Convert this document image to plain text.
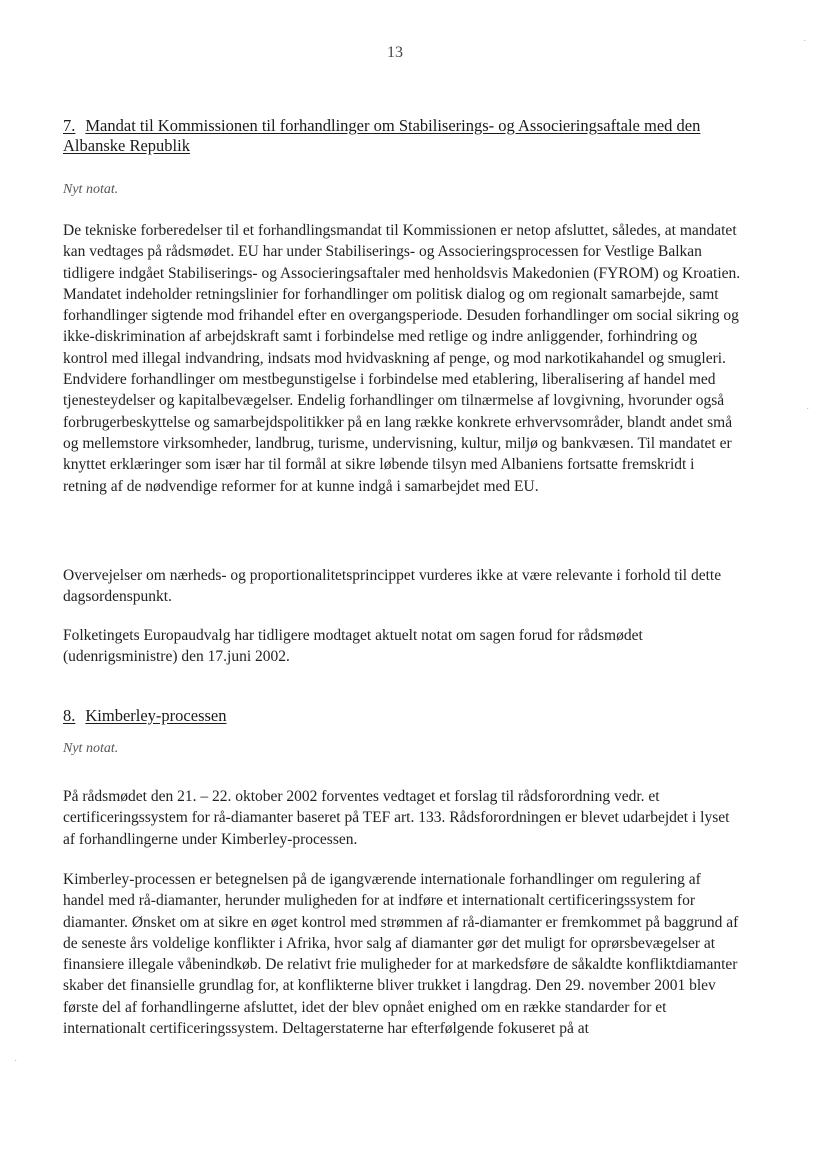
13
7. Mandat til Kommissionen til forhandlinger om Stabiliserings- og Associeringsaftale med den Albanske Republik
Nyt notat.
De tekniske forberedelser til et forhandlingsmandat til Kommissionen er netop afsluttet, således, at mandatet kan vedtages på rådsmødet. EU har under Stabiliserings- og Associeringsprocessen for Vestlige Balkan tidligere indgået Stabiliserings- og Associeringsaftaler med henholdsvis Makedonien (FYROM) og Kroatien. Mandatet indeholder retningslinier for forhandlinger om politisk dialog og om regionalt samarbejde, samt forhandlinger sigtende mod frihandel efter en overgangsperiode. Desuden forhandlinger om social sikring og ikke-diskrimination af arbejdskraft samt i forbindelse med retlige og indre anliggender, forhindring og kontrol med illegal indvandring, indsats mod hvidvaskning af penge, og mod narkotikahandel og smugleri. Endvidere forhandlinger om mestbegunstigelse i forbindelse med etablering, liberalisering af handel med tjenesteydelser og kapitalbevægelser. Endelig forhandlinger om tilnærmelse af lovgivning, hvorunder også forbrugerbeskyttelse og samarbejdspolitikker på en lang række konkrete erhvervsområder, blandt andet små og mellemstore virksomheder, landbrug, turisme, undervisning, kultur, miljø og bankvæsen. Til mandatet er knyttet erklæringer som især har til formål at sikre løbende tilsyn med Albaniens fortsatte fremskridt i retning af de nødvendige reformer for at kunne indgå i samarbejdet med EU.
Overvejelser om nærheds- og proportionalitetsprincippet vurderes ikke at være relevante i forhold til dette dagsordenspunkt.
Folketingets Europaudvalg har tidligere modtaget aktuelt notat om sagen forud for rådsmødet (udenrigsministre) den 17.juni 2002.
8. Kimberley-processen
Nyt notat.
På rådsmødet den 21. – 22. oktober 2002 forventes vedtaget et forslag til rådsforordning vedr. et certificeringssystem for rå-diamanter baseret på TEF art. 133. Rådsforordningen er blevet udarbejdet i lyset af forhandlingerne under Kimberley-processen.
Kimberley-processen er betegnelsen på de igangværende internationale forhandlinger om regulering af handel med rå-diamanter, herunder muligheden for at indføre et internationalt certificeringssystem for diamanter. Ønsket om at sikre en øget kontrol med strømmen af rå-diamanter er fremkommet på baggrund af de seneste års voldelige konflikter i Afrika, hvor salg af diamanter gør det muligt for oprørsbevægelser at finansiere illegale våbenindkøb. De relativt frie muligheder for at markedsføre de såkaldte konfliktdiamanter skaber det finansielle grundlag for, at konflikterne bliver trukket i langdrag. Den 29. november 2001 blev første del af forhandlingerne afsluttet, idet der blev opnået enighed om en række standarder for et internationalt certificeringssystem. Deltagerstaterne har efterfølgende fokuseret på at
·
·
·
